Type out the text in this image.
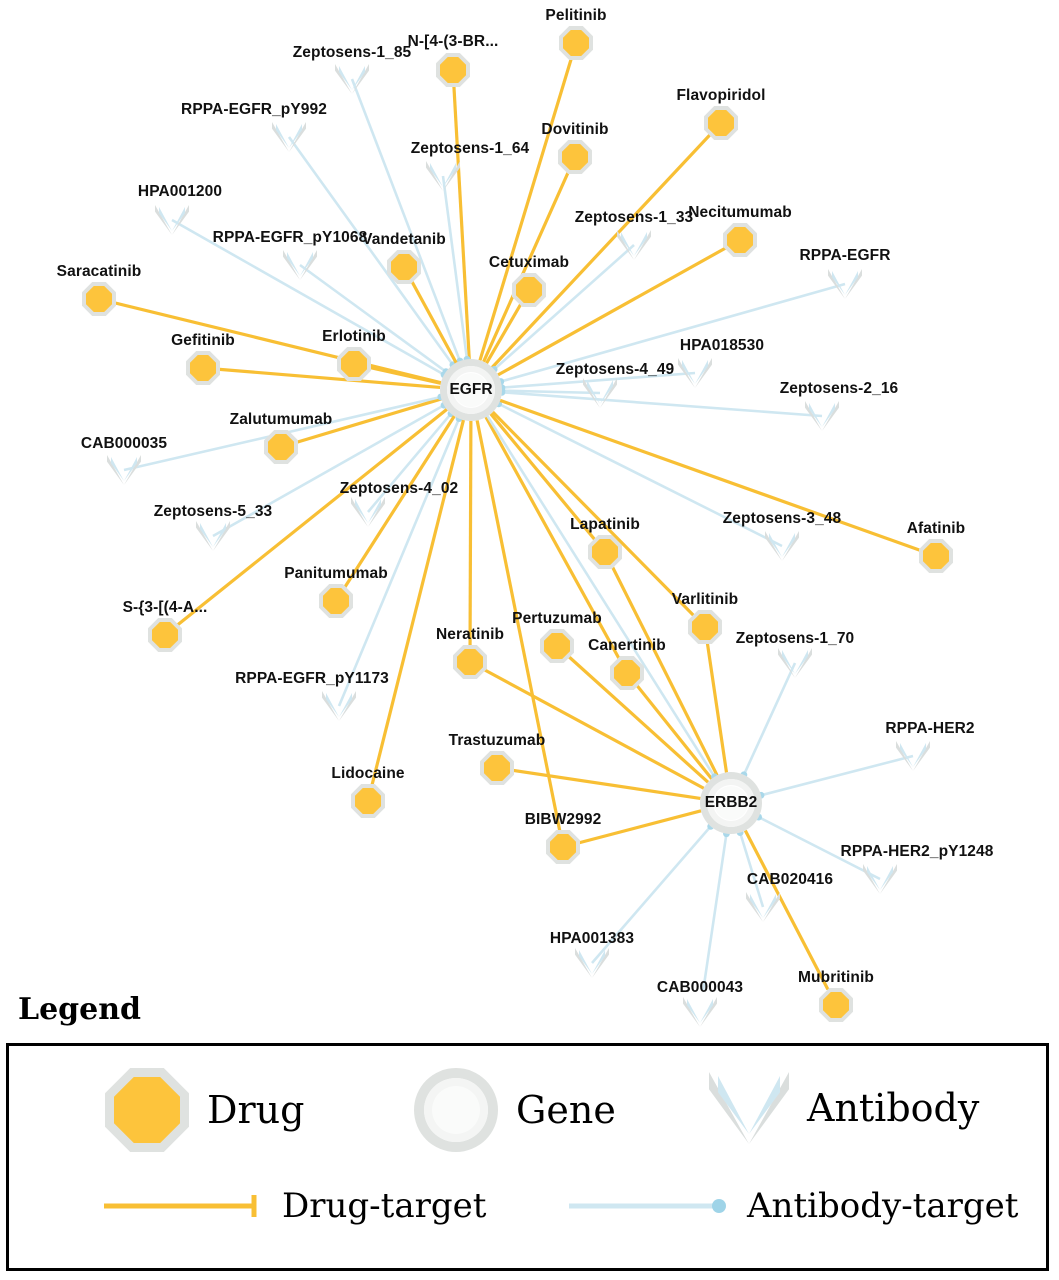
Pelitinib
N-[4-(3-BR...
Zeptosens-1_85
Flavopiridol
RPPA-EGFR_pY992
Dovitinib
Zeptosens-1_64
HPA001200
Necitumumab
Zeptosens-1_33
RPPA-EGFR_pY1068
Vandetanib
RPPA-EGFR
Cetuximab
Saracatinib
Gefitinib	Erlotinib
HPA018530
Zeptosens-4_49
Zeptosens-2_16
Zalutumumab
CAB000035
Zeptosens-4_02
Zeptosens-5_33
Lapatinib	Zeptosens-3_48
Afatinib
Panitumumab
Varlitinib
S-{3-[(4-A...
Pertuzumab
Neratinib	Zeptosens-1_70
Canertinib
RPPA-EGFR_pY1173
RPPA-HER2
Trastuzumab
Lidocaine
BIBW2992
RPPA-HER2_pY1248
CAB020416
HPA001383
CAB000043
Mubritinib
EGFR
ERBB2
Legend
Drug	Gene	Antibody
Drug-target	Antibody-target
